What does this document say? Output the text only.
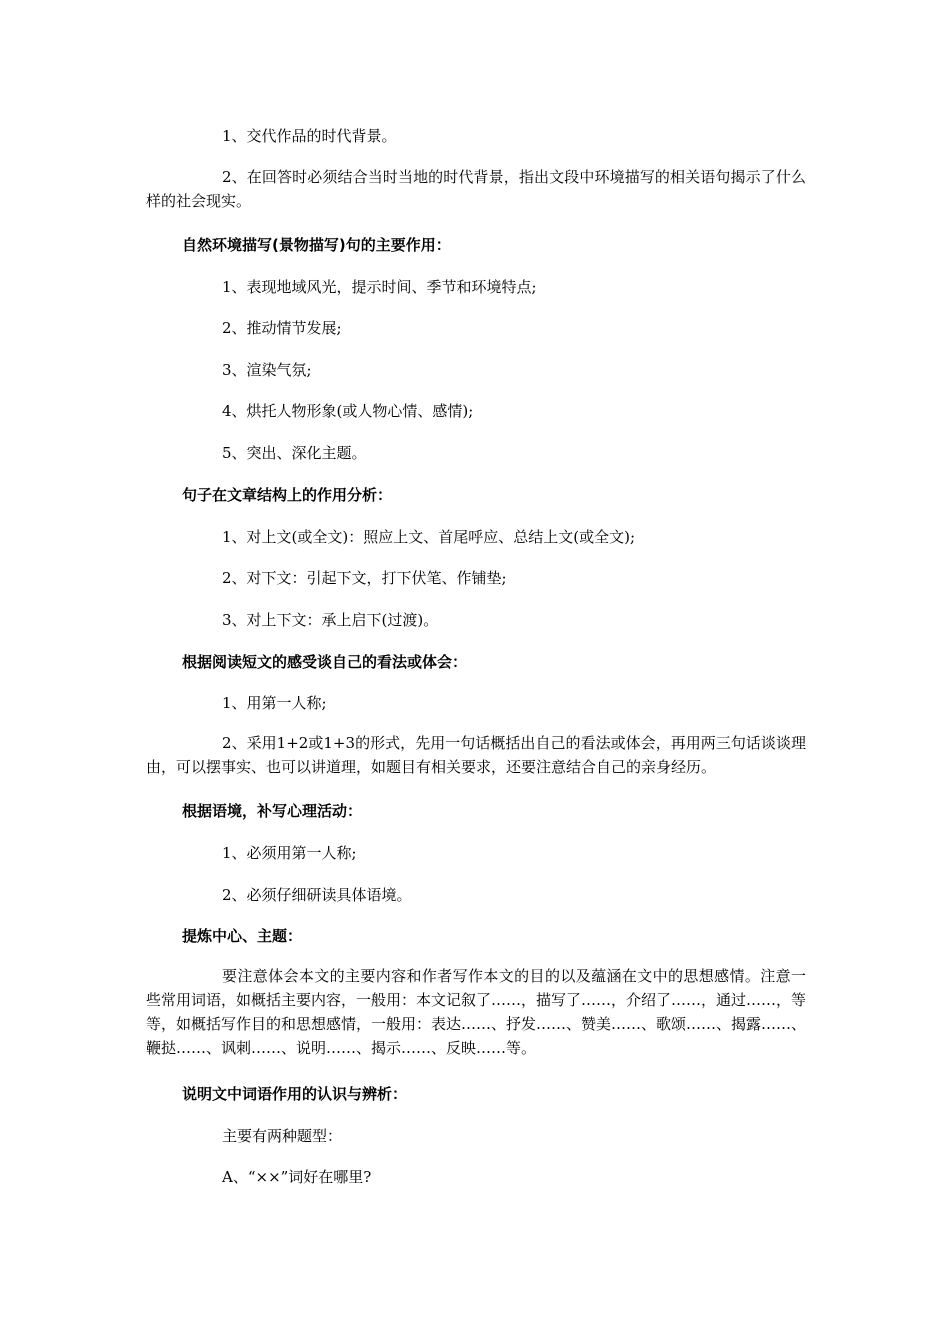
1、交代作品的时代背景。
2、在回答时必须结合当时当地的时代背景，指出文段中环境描写的相关语句揭示了什么样的社会现实。
自然环境描写(景物描写)句的主要作用：
1、表现地域风光，提示时间、季节和环境特点;
2、推动情节发展;
3、渲染气氛;
4、烘托人物形象(或人物心情、感情);
5、突出、深化主题。
句子在文章结构上的作用分析：
1、对上文(或全文)：照应上文、首尾呼应、总结上文(或全文);
2、对下文：引起下文，打下伏笔、作铺垫;
3、对上下文：承上启下(过渡)。
根据阅读短文的感受谈自己的看法或体会：
1、用第一人称;
2、采用1+2或1+3的形式，先用一句话概括出自己的看法或体会，再用两三句话谈谈理由，可以摆事实、也可以讲道理，如题目有相关要求，还要注意结合自己的亲身经历。
根据语境，补写心理活动：
1、必须用第一人称;
2、必须仔细研读具体语境。
提炼中心、主题：
要注意体会本文的主要内容和作者写作本文的目的以及蕴涵在文中的思想感情。注意一些常用词语，如概括主要内容，一般用：本文记叙了……，描写了……，介绍了……，通过……，等等，如概括写作目的和思想感情，一般用：表达……、抒发……、赞美……、歌颂……、揭露……、鞭挞……、讽刺……、说明……、揭示……、反映……等。
说明文中词语作用的认识与辨析：
主要有两种题型：
A、“××”词好在哪里?
